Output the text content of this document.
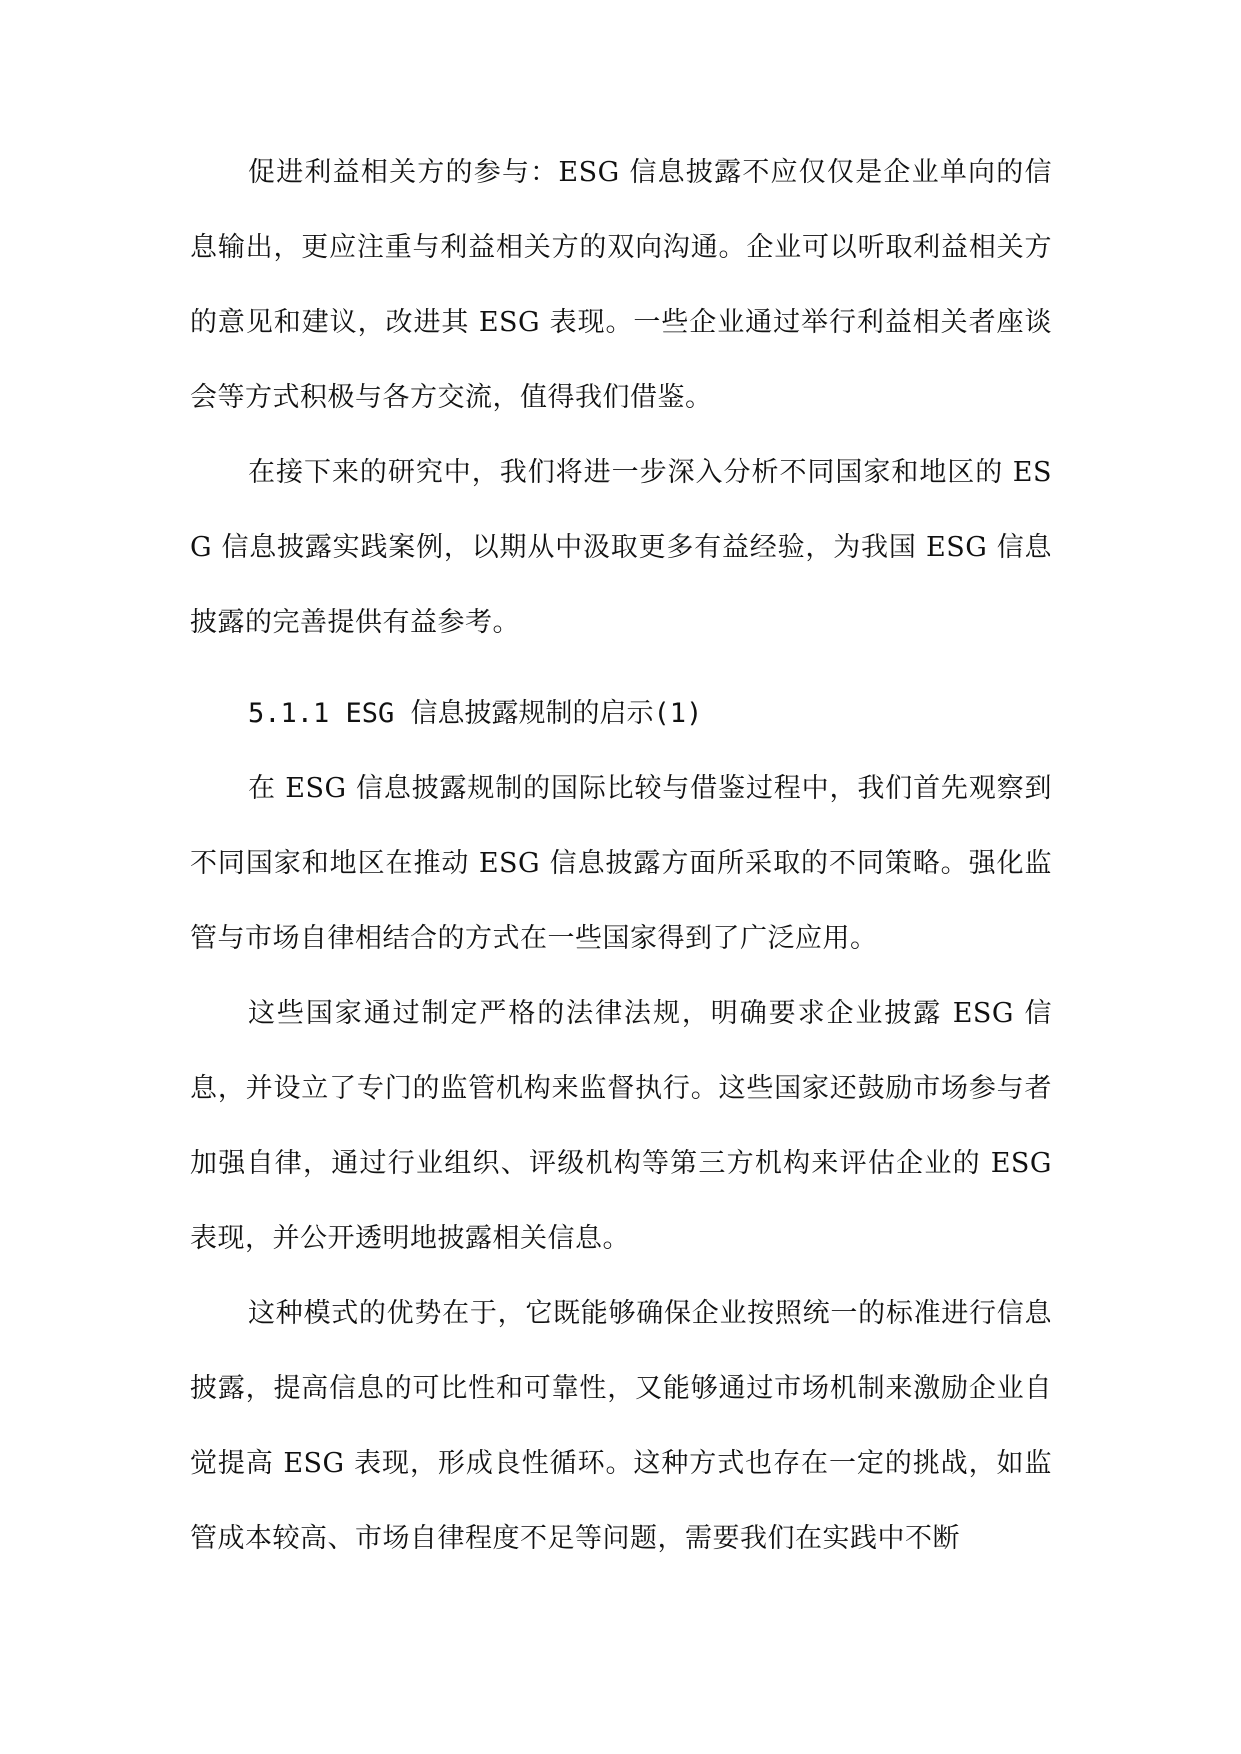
促进利益相关方的参与：ESG 信息披露不应仅仅是企业单向的信息输出，更应注重与利益相关方的双向沟通。企业可以听取利益相关方的意见和建议，改进其 ESG 表现。一些企业通过举行利益相关者座谈会等方式积极与各方交流，值得我们借鉴。

在接下来的研究中，我们将进一步深入分析不同国家和地区的 ESG 信息披露实践案例，以期从中汲取更多有益经验，为我国 ESG 信息披露的完善提供有益参考。

5.1.1 ESG 信息披露规制的启示(1)

在 ESG 信息披露规制的国际比较与借鉴过程中，我们首先观察到不同国家和地区在推动 ESG 信息披露方面所采取的不同策略。强化监管与市场自律相结合的方式在一些国家得到了广泛应用。

这些国家通过制定严格的法律法规，明确要求企业披露 ESG 信息，并设立了专门的监管机构来监督执行。这些国家还鼓励市场参与者加强自律，通过行业组织、评级机构等第三方机构来评估企业的 ESG 表现，并公开透明地披露相关信息。

这种模式的优势在于，它既能够确保企业按照统一的标准进行信息披露，提高信息的可比性和可靠性，又能够通过市场机制来激励企业自觉提高 ESG 表现，形成良性循环。这种方式也存在一定的挑战，如监管成本较高、市场自律程度不足等问题，需要我们在实践中不断
